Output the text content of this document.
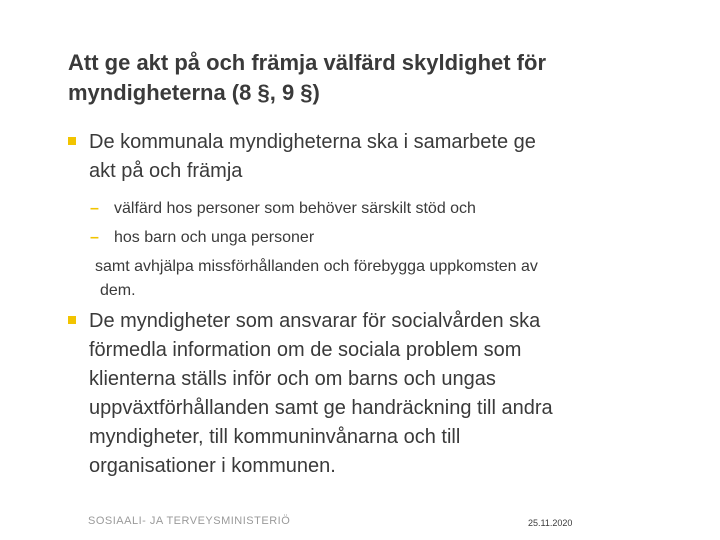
Att ge akt på och främja välfärd skyldighet för
myndigheterna (8 §, 9 §)
De kommunala myndigheterna ska i samarbete ge
akt på och främja
– välfärd hos personer som behöver särskilt stöd och
– hos barn och unga personer
samt avhjälpa missförhållanden och förebygga uppkomsten av
dem.
De myndigheter som ansvarar för socialvården ska
förmedla information om de sociala problem som
klienterna ställs inför och om barns och ungas
uppväxtförhållanden samt ge handräckning till andra
myndigheter, till kommuninvånarna och till
organisationer i kommunen.
SOSIAALI- JA TERVEYSMINISTERIÖ	25.11.2020
